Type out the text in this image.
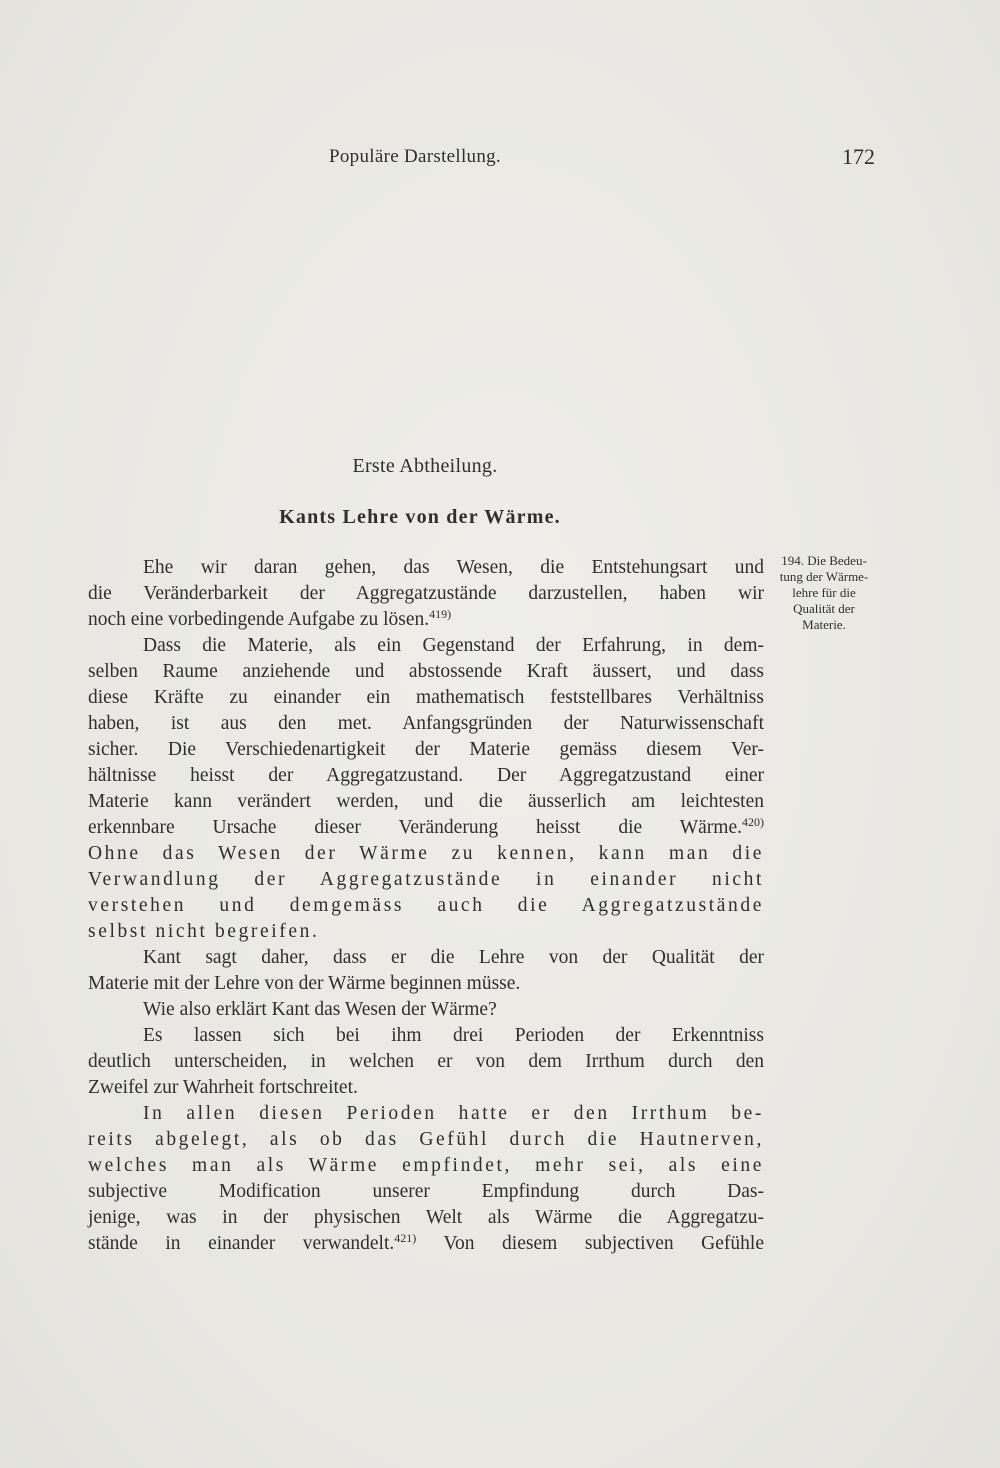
Populäre Darstellung.	172
Erste Abtheilung.
Kants Lehre von der Wärme.
194. Die Bedeu-
tung der Wärme-
lehre für die
Qualität der
Materie.
Ehe wir daran gehen, das Wesen, die Entstehungsart und
die Veränderbarkeit der Aggregatzustände darzustellen, haben wir
noch eine vorbedingende Aufgabe zu lösen.$^{419)}$
Dass die Materie, als ein Gegenstand der Erfahrung, in dem-
selben Raume anziehende und abstossende Kraft äussert, und dass
diese Kräfte zu einander ein mathematisch feststellbares Verhältniss
haben, ist aus den met. Anfangsgründen der Naturwissenschaft
sicher. Die Verschiedenartigkeit der Materie gemäss diesem Ver-
hältnisse heisst der Aggregatzustand. Der Aggregatzustand einer
Materie kann verändert werden, und die äusserlich am leichtesten
erkennbare Ursache dieser Veränderung heisst die Wärme.$^{420)}$
Ohne das Wesen der Wärme zu kennen, kann man die
Verwandlung der Aggregatzustände in einander nicht
verstehen und demgemäss auch die Aggregatzustände
selbst nicht begreifen.
Kant sagt daher, dass er die Lehre von der Qualität der
Materie mit der Lehre von der Wärme beginnen müsse.
Wie also erklärt Kant das Wesen der Wärme?
Es lassen sich bei ihm drei Perioden der Erkenntniss
deutlich unterscheiden, in welchen er von dem Irrthum durch den
Zweifel zur Wahrheit fortschreitet.
In allen diesen Perioden hatte er den Irrthum be-
reits abgelegt, als ob das Gefühl durch die Hautnerven,
welches man als Wärme empfindet, mehr sei, als eine
subjective Modification unserer Empfindung durch Das-
jenige, was in der physischen Welt als Wärme die Aggregatzu-
stände in einander verwandelt.$^{421)}$ Von diesem subjectiven Gefühle
